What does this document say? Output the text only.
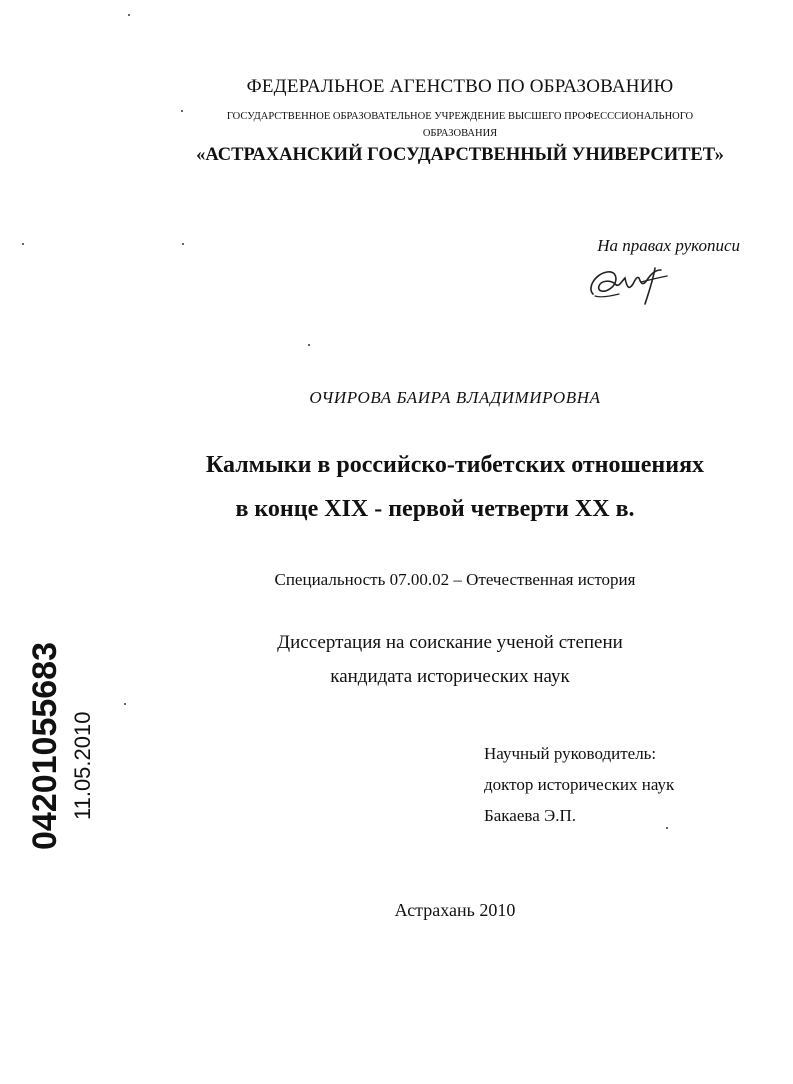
ФЕДЕРАЛЬНОЕ АГЕНСТВО ПО ОБРАЗОВАНИЮ
ГОСУДАРСТВЕННОЕ ОБРАЗОВАТЕЛЬНОЕ УЧРЕЖДЕНИЕ ВЫСШЕГО ПРОФЕСССИОНАЛЬНОГО
ОБРАЗОВАНИЯ
«АСТРАХАНСКИЙ ГОСУДАРСТВЕННЫЙ УНИВЕРСИТЕТ»
На правах рукописи
ОЧИРОВА БАИРА ВЛАДИМИРОВНА
Калмыки в российско-тибетских отношениях
в конце XIX - первой четверти XX в.
Специальность 07.00.02 – Отечественная история
Диссертация на соискание ученой степени
кандидата исторических наук
Научный руководитель:
доктор исторических наук
Бакаева Э.П.
Астрахань 2010
04201055683 11.05.2010
